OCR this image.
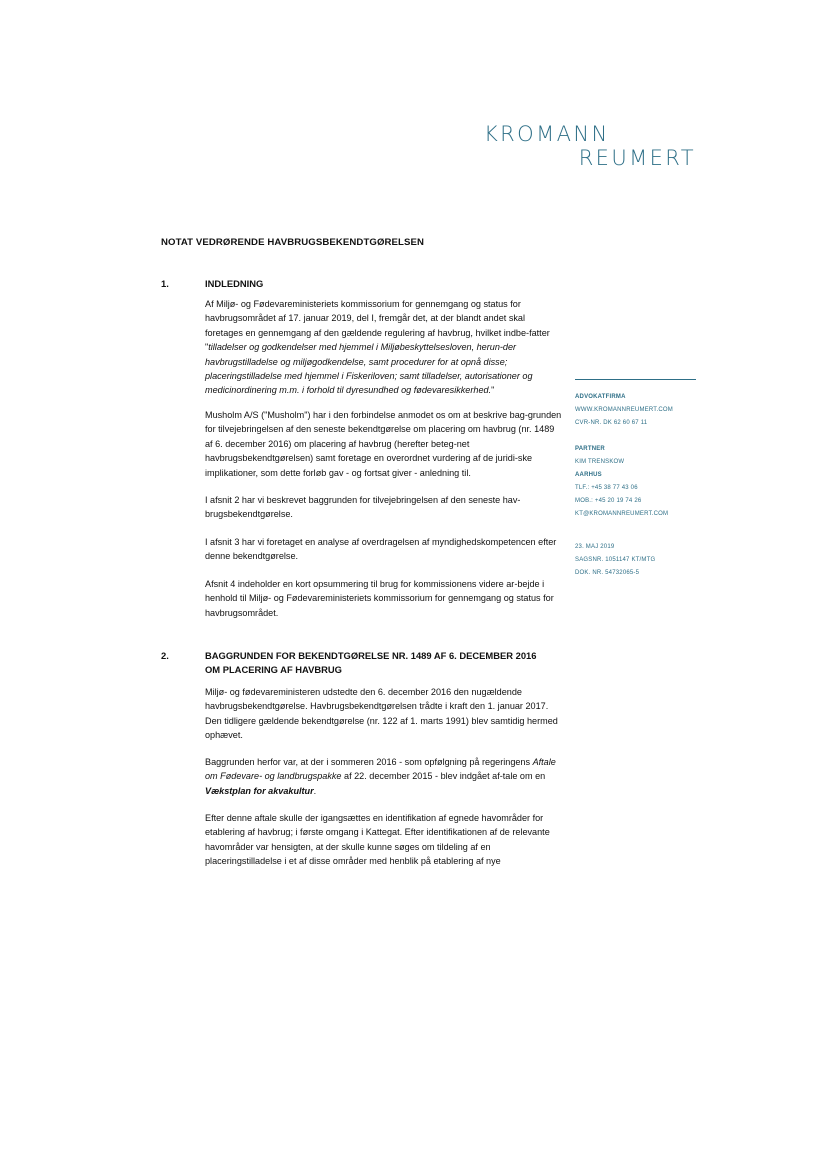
KROMANN
REUMERT
NOTAT VEDRØRENDE HAVBRUGSBEKENDTGØRELSEN
1.	INDLEDNING

Af Miljø- og Fødevareministeriets kommissorium for gennemgang og status for havbrugsområdet af 17. januar 2019, del I, fremgår det, at der blandt andet skal foretages en gennemgang af den gældende regulering af havbrug, hvilket indbe-fatter "tilladelser og godkendelser med hjemmel i Miljøbeskyttelsesloven, herun-der havbrugstilladelse og miljøgodkendelse, samt procedurer for at opnå disse; placeringstilladelse med hjemmel i Fiskeriloven; samt tilladelser, autorisationer og medicinordinering m.m. i forhold til dyresundhed og fødevaresikkerhed."

Musholm A/S ("Musholm") har i den forbindelse anmodet os om at beskrive bag-grunden for tilvejebringelsen af den seneste bekendtgørelse om placering om havbrug (nr. 1489 af 6. december 2016) om placering af havbrug (herefter beteg-net havbrugsbekendtgørelsen) samt foretage en overordnet vurdering af de juridi-ske implikationer, som dette forløb gav - og fortsat giver - anledning til.

I afsnit 2 har vi beskrevet baggrunden for tilvejebringelsen af den seneste hav-brugsbekendtgørelse.

I afsnit 3 har vi foretaget en analyse af overdragelsen af myndighedskompetencen efter denne bekendtgørelse.

Afsnit 4 indeholder en kort opsummering til brug for kommissionens videre ar-bejde i henhold til Miljø- og Fødevareministeriets kommissorium for gennemgang og status for havbrugsområdet.

2.	BAGGRUNDEN FOR BEKENDTGØRELSE NR. 1489 AF 6. DECEMBER 2016 OM PLACERING AF HAVBRUG

Miljø- og fødevareministeren udstedte den 6. december 2016 den nugældende havbrugsbekendtgørelse. Havbrugsbekendtgørelsen trådte i kraft den 1. januar 2017. Den tidligere gældende bekendtgørelse (nr. 122 af 1. marts 1991) blev samtidig hermed ophævet.

Baggrunden herfor var, at der i sommeren 2016 - som opfølgning på regeringens Aftale om Fødevare- og landbrugspakke af 22. december 2015 - blev indgået af-tale om en Vækstplan for akvakultur.

Efter denne aftale skulle der igangsættes en identifikation af egnede havområder for etablering af havbrug; i første omgang i Kattegat. Efter identifikationen af de relevante havområder var hensigten, at der skulle kunne søges om tildeling af en placeringstilladelse i et af disse områder med henblik på etablering af nye

ADVOKATFIRMA
WWW.KROMANNREUMERT.COM
CVR-NR. DK 62 60 67 11
PARTNER
KIM TRENSKOW
AARHUS
TLF.: +45 38 77 43 06
MOB.: +45 20 19 74 26
KT@KROMANNREUMERT.COM
23. MAJ 2019
SAGSNR. 1051147 KT/MTG
DOK. NR. 54732065-5
